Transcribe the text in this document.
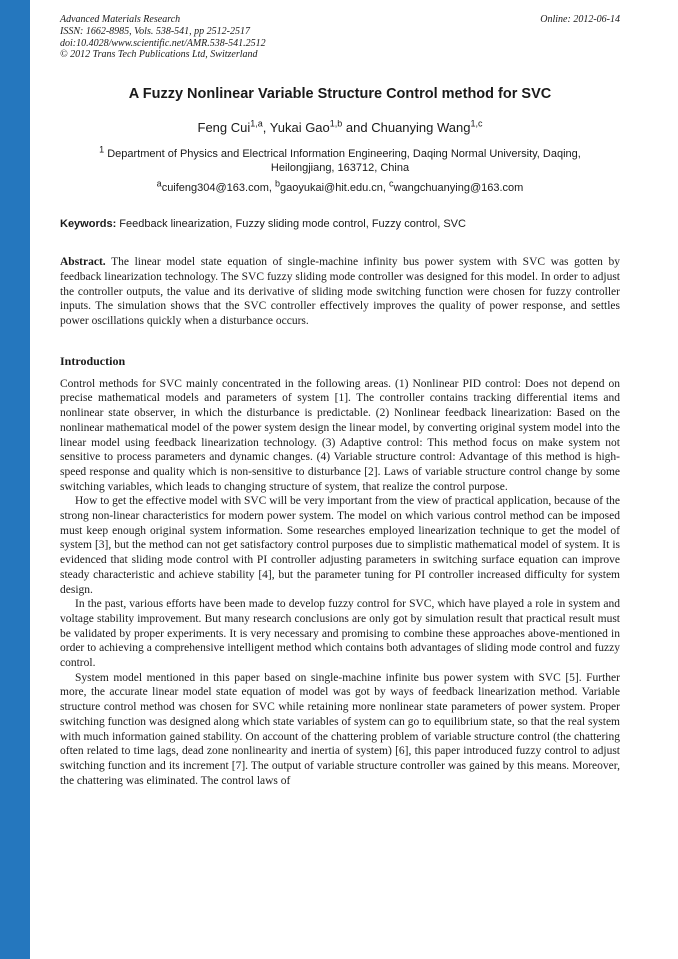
Advanced Materials Research
ISSN: 1662-8985, Vols. 538-541, pp 2512-2517
doi:10.4028/www.scientific.net/AMR.538-541.2512
© 2012 Trans Tech Publications Ltd, Switzerland
Online: 2012-06-14
A Fuzzy Nonlinear Variable Structure Control method for SVC
Feng Cui$^{1,a}$, Yukai Gao$^{1,b}$ and Chuanying Wang$^{1,c}$
$^1$ Department of Physics and Electrical Information Engineering, Daqing Normal University, Daqing, Heilongjiang, 163712, China
$^a$cuifeng304@163.com, $^b$gaoyukai@hit.edu.cn, $^c$wangchuanying@163.com
Keywords: Feedback linearization, Fuzzy sliding mode control, Fuzzy control, SVC

Abstract. The linear model state equation of single-machine infinity bus power system with SVC was gotten by feedback linearization technology. The SVC fuzzy sliding mode controller was designed for this model. In order to adjust the controller outputs, the value and its derivative of sliding mode switching function were chosen for fuzzy controller inputs. The simulation shows that the SVC controller effectively improves the quality of power response, and settles power oscillations quickly when a disturbance occurs.

Introduction

Control methods for SVC mainly concentrated in the following areas. (1) Nonlinear PID control: Does not depend on precise mathematical models and parameters of system [1]. The controller contains tracking differential items and nonlinear state observer, in which the disturbance is predictable. (2) Nonlinear feedback linearization: Based on the nonlinear mathematical model of the power system design the linear model, by converting original system model into the linear model using feedback linearization technology. (3) Adaptive control: This method focus on make system not sensitive to process parameters and dynamic changes. (4) Variable structure control: Advantage of this method is high-speed response and quality which is non-sensitive to disturbance [2]. Laws of variable structure control change by some switching variables, which leads to changing structure of system, that realize the control purpose.

How to get the effective model with SVC will be very important from the view of practical application, because of the strong non-linear characteristics for modern power system. The model on which various control method can be imposed must keep enough original system information. Some researches employed linearization technique to get the model of system [3], but the method can not get satisfactory control purposes due to simplistic mathematical model of system. It is evidenced that sliding mode control with PI controller adjusting parameters in switching surface equation can improve steady characteristic and achieve stability [4], but the parameter tuning for PI controller increased difficulty for system design.

In the past, various efforts have been made to develop fuzzy control for SVC, which have played a role in system and voltage stability improvement. But many research conclusions are only got by simulation result that practical result must be validated by proper experiments. It is very necessary and promising to combine these approaches above-mentioned in order to achieving a comprehensive intelligent method which contains both advantages of sliding mode control and fuzzy control.

System model mentioned in this paper based on single-machine infinite bus power system with SVC [5]. Further more, the accurate linear model state equation of model was got by ways of feedback linearization method. Variable structure control method was chosen for SVC while retaining more nonlinear state parameters of power system. Proper switching function was designed along which state variables of system can go to equilibrium state, so that the real system with much information gained stability. On account of the chattering problem of variable structure control (the chattering often related to time lags, dead zone nonlinearity and inertia of system) [6], this paper introduced fuzzy control to adjust switching function and its increment [7]. The output of variable structure controller was gained by this means. Moreover, the chattering was eliminated. The control laws of
